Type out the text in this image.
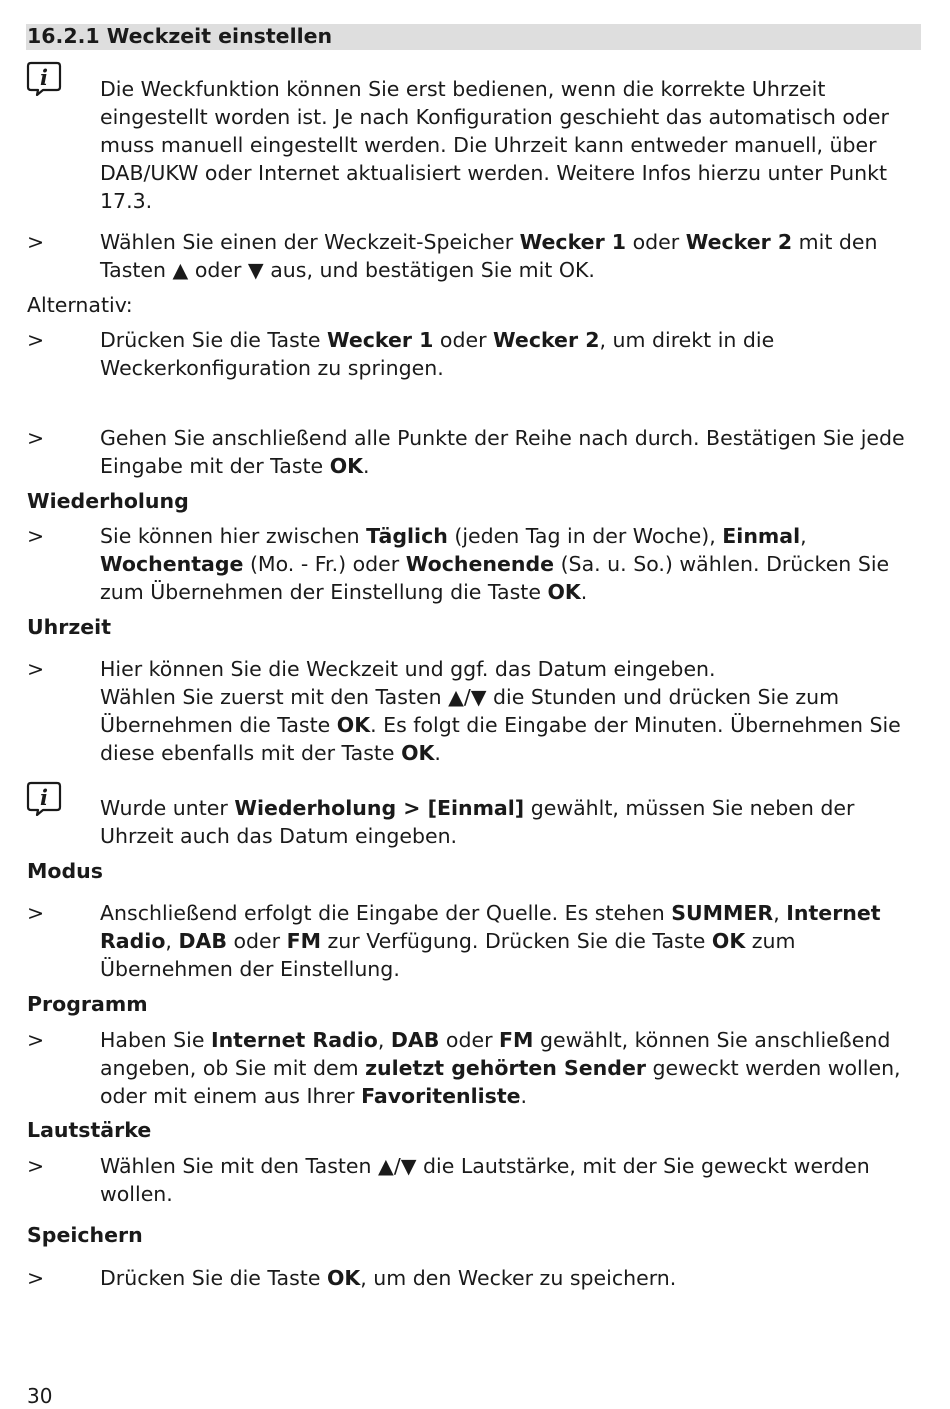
16.2.1 Weckzeit einstellen
i	Die Weckfunktion können Sie erst bedienen, wenn die korrekte Uhrzeit eingestellt worden ist. Je nach Konfiguration geschieht das automatisch oder muss manuell eingestellt werden. Die Uhrzeit kann entweder manuell, über DAB/UKW oder Internet aktualisiert werden. Weitere Infos hierzu unter Punkt 17.3.
>	Wählen Sie einen der Weckzeit-Speicher Wecker 1 oder Wecker 2 mit den Tasten ▲ oder ▼ aus, und bestätigen Sie mit OK.
Alternativ:
>	Drücken Sie die Taste Wecker 1 oder Wecker 2, um direkt in die Weckerkonfiguration zu springen.
>	Gehen Sie anschließend alle Punkte der Reihe nach durch. Bestätigen Sie jede Eingabe mit der Taste OK.
Wiederholung
>	Sie können hier zwischen Täglich (jeden Tag in der Woche), Einmal, Wochentage (Mo. - Fr.) oder Wochenende (Sa. u. So.) wählen. Drücken Sie zum Übernehmen der Einstellung die Taste OK.
Uhrzeit
>	Hier können Sie die Weckzeit und ggf. das Datum eingeben.
Wählen Sie zuerst mit den Tasten ▲/▼ die Stunden und drücken Sie zum Übernehmen die Taste OK. Es folgt die Eingabe der Minuten. Übernehmen Sie diese ebenfalls mit der Taste OK.
i	Wurde unter Wiederholung > [Einmal] gewählt, müssen Sie neben der Uhrzeit auch das Datum eingeben.
Modus
>	Anschließend erfolgt die Eingabe der Quelle. Es stehen SUMMER, Internet Radio, DAB oder FM zur Verfügung. Drücken Sie die Taste OK zum Übernehmen der Einstellung.
Programm
>	Haben Sie Internet Radio, DAB oder FM gewählt, können Sie anschließend angeben, ob Sie mit dem zuletzt gehörten Sender geweckt werden wollen, oder mit einem aus Ihrer Favoritenliste.
Lautstärke
>	Wählen Sie mit den Tasten ▲/▼ die Lautstärke, mit der Sie geweckt werden wollen.
Speichern
>	Drücken Sie die Taste OK, um den Wecker zu speichern.
30
